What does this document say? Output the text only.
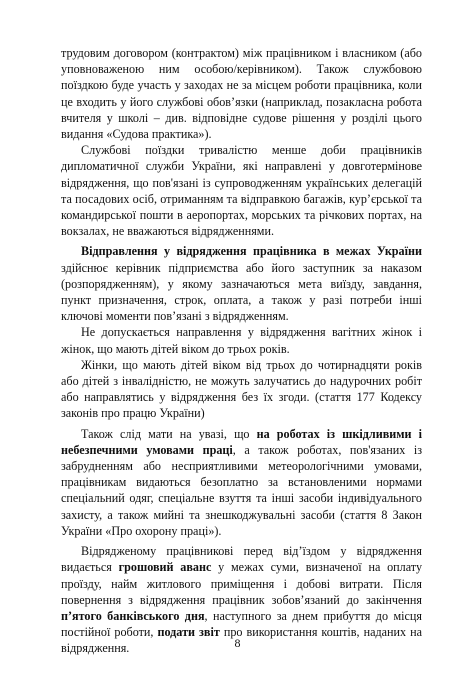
трудовим договором (контрактом) між працівником і власником (або уповноваженою ним особою/керівником). Також службовою поїздкою буде участь у заходах не за місцем роботи працівника, коли це входить у його службові обов’язки (наприклад, позакласна робота вчителя у школі – див. відповідне судове рішення у розділі цього видання «Судова практика»).

Службові поїздки тривалістю менше доби працівників дипломатичної служби України, які направлені у довготермінове відрядження, що пов'язані із супроводженням українських делегацій та посадових осіб, отриманням та відправкою багажів, кур’єрської та командирської пошти в аеропортах, морських та річкових портах, на вокзалах, не вважаються відрядженнями.

Відправлення у відрядження працівника в межах України здійснює керівник підприємства або його заступник за наказом (розпорядженням), у якому зазначаються мета виїзду, завдання, пункт призначення, строк, оплата, а також у разі потреби інші ключові моменти пов’язані з відрядженням.

Не допускається направлення у відрядження вагітних жінок і жінок, що мають дітей віком до трьох років.

Жінки, що мають дітей віком від трьох до чотирнадцяти років або дітей з інвалідністю, не можуть залучатись до надурочних робіт або направлятись у відрядження без їх згоди. (стаття 177 Кодексу законів про працю України)

Також слід мати на увазі, що на роботах із шкідливими і небезпечними умовами праці, а також роботах, пов'язаних із забрудненням або несприятливими метеорологічними умовами, працівникам видаються безоплатно за встановленими нормами спеціальний одяг, спеціальне взуття та інші засоби індивідуального захисту, а також мийні та знешкоджувальні засоби (стаття 8 Закон України «Про охорону праці»).

Відрядженому працівникові перед від’їздом у відрядження видається грошовий аванс у межах суми, визначеної на оплату проїзду, найм житлового приміщення і добові витрати. Після повернення з відрядження працівник зобов’язаний до закінчення п’ятого банківського дня, наступного за днем прибуття до місця постійної роботи, подати звіт про використання коштів, наданих на відрядження.	8
